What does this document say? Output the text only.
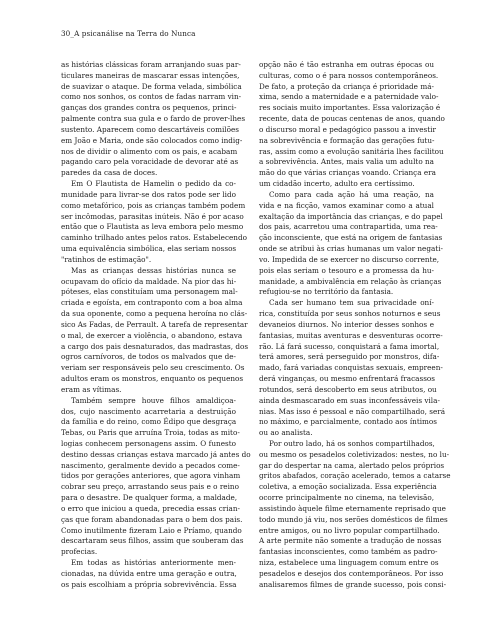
30_A psicanálise na Terra do Nunca
as histórias clássicas foram arranjando suas par-
ticulares maneiras de mascarar essas intenções,
de suavizar o ataque. De forma velada, simbólica
como nos sonhos, os contos de fadas narram vin-
ganças dos grandes contra os pequenos, princi-
palmente contra sua gula e o fardo de prover-lhes
sustento. Aparecem como descartáveis comilões
em João e Maria, onde são colocados como indig-
nos de dividir o alimento com os pais, e acabam
pagando caro pela voracidade de devorar até as
paredes da casa de doces.
Em O Flautista de Hamelin o pedido da co-
munidade para livrar-se dos ratos pode ser lido
como metafórico, pois as crianças também podem
ser incômodas, parasitas inúteis. Não é por acaso
então que o Flautista as leva embora pelo mesmo
caminho trilhado antes pelos ratos. Estabelecendo
uma equivalência simbólica, elas seriam nossos
"ratinhos de estimação".
Mas as crianças dessas histórias nunca se
ocupavam do ofício da maldade. Na pior das hi-
póteses, elas constituíam uma personagem mal-
criada e egoísta, em contraponto com a boa alma
da sua oponente, como a pequena heroína no clás-
sico As Fadas, de Perrault. A tarefa de representar
o mal, de exercer a violência, o abandono, estava
a cargo dos pais desnaturados, das madrastas, dos
ogros carnívoros, de todos os malvados que de-
veriam ser responsáveis pelo seu crescimento. Os
adultos eram os monstros, enquanto os pequenos
eram as vítimas.
Também sempre houve filhos amaldiçoa-
dos, cujo nascimento acarretaria a destruição
da família e do reino, como Édipo que desgraça
Tebas, ou Paris que arruína Troia, todas as mito-
logias conhecem personagens assim. O funesto
destino dessas crianças estava marcado já antes do
nascimento, geralmente devido a pecados come-
tidos por gerações anteriores, que agora vinham
cobrar seu preço, arrastando seus pais e o reino
para o desastre. De qualquer forma, a maldade,
o erro que iniciou a queda, precedia essas crian-
ças que foram abandonadas para o bem dos pais.
Como inutilmente fizeram Laio e Príamo, quando
descartaram seus filhos, assim que souberam das
profecias.
Em todas as histórias anteriormente men-
cionadas, na dúvida entre uma geração e outra,
os pais escolhiam a própria sobrevivência. Essa
opção não é tão estranha em outras épocas ou
culturas, como o é para nossos contemporâneos.
De fato, a proteção da criança é prioridade má-
xima, sendo a maternidade e a paternidade valo-
res sociais muito importantes. Essa valorização é
recente, data de poucas centenas de anos, quando
o discurso moral e pedagógico passou a investir
na sobrevivência e formação das gerações futu-
ras, assim como a evolução sanitária lhes facilitou
a sobrevivência. Antes, mais valia um adulto na
mão do que várias crianças voando. Criança era
um cidadão incerto, adulto era certíssimo.
Como para cada ação há uma reação, na
vida e na ficção, vamos examinar como a atual
exaltação da importância das crianças, e do papel
dos pais, acarretou uma contrapartida, uma rea-
ção inconsciente, que está na origem de fantasias
onde se atribui às crias humanas um valor negati-
vo. Impedida de se exercer no discurso corrente,
pois elas seriam o tesouro e a promessa da hu-
manidade, a ambivalência em relação às crianças
refugiou-se no território da fantasia.
Cada ser humano tem sua privacidade oní-
rica, constituída por seus sonhos noturnos e seus
devaneios diurnos. No interior desses sonhos e
fantasias, muitas aventuras e desventuras ocorre-
rão. Lá fará sucesso, conquistará a fama imortal,
terá amores, será perseguido por monstros, difa-
mado, fará variadas conquistas sexuais, empreen-
derá vinganças, ou mesmo enfrentará fracassos
rotundos, será descoberto em seus atributos, ou
ainda desmascarado em suas inconfessáveis vila-
nias. Mas isso é pessoal e não compartilhado, será
no máximo, e parcialmente, contado aos íntimos
ou ao analista.
Por outro lado, há os sonhos compartilhados,
ou mesmo os pesadelos coletivizados: nestes, no lu-
gar do despertar na cama, alertado pelos próprios
gritos abafados, coração acelerado, temos a catarse
coletiva, a emoção socializada. Essa experiência
ocorre principalmente no cinema, na televisão,
assistindo àquele filme eternamente reprisado que
todo mundo já viu, nos serões domésticos de filmes
entre amigos, ou no livro popular compartilhado.
A arte permite não somente a tradução de nossas
fantasias inconscientes, como também as padro-
niza, estabelece uma linguagem comum entre os
pesadelos e desejos dos contemporâneos. Por isso
analisaremos filmes de grande sucesso, pois consi-
